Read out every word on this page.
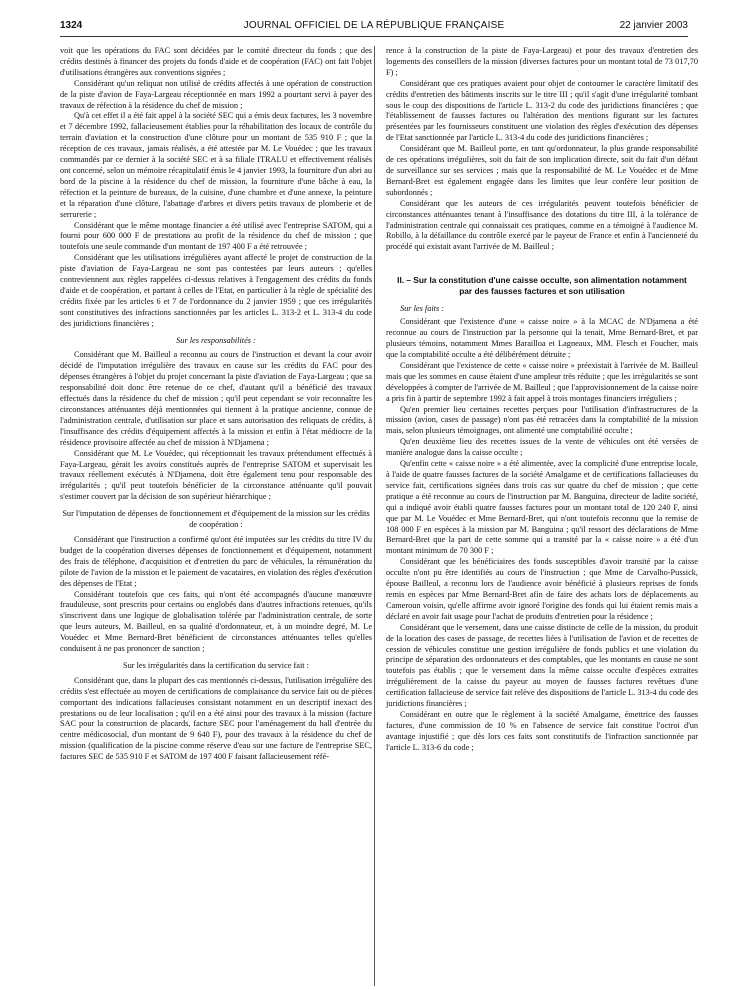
1324	JOURNAL OFFICIEL DE LA RÉPUBLIQUE FRANÇAISE	22 janvier 2003

voit que les opérations du FAC sont décidées par le comité directeur du fonds ; que des crédits destinés à financer des projets du fonds d'aide et de coopération (FAC) ont fait l'objet d'utilisations étrangères aux conventions signées ;

Considérant qu'un reliquat non utilisé de crédits affectés à une opération de construction de la piste d'avion de Faya-Largeau réceptionnée en mars 1992 a pourtant servi à payer des travaux de réfection à la résidence du chef de mission ;

Qu'à cet effet il a été fait appel à la société SEC qui a émis deux factures, les 3 novembre et 7 décembre 1992, fallacieusement établies pour la réhabilitation des locaux de contrôle du terrain d'aviation et la construction d'une clôture pour un montant de 535 910 F ; que la réception de ces travaux, jamais réalisés, a été attestée par M. Le Vouédec ; que les travaux commandés par ce dernier à la société SEC et à sa filiale ITRALU et effectivement réalisés ont concerné, selon un mémoire récapitulatif émis le 4 janvier 1993, la fourniture d'un abri au bord de la piscine à la résidence du chef de mission, la fourniture d'une bâche à eau, la réfection et la peinture de bureaux, de la cuisine, d'une chambre et d'une annexe, la peinture et la réparation d'une clôture, l'abattage d'arbres et divers petits travaux de plomberie et de serrurerie ;

Considérant que le même montage financier a été utilisé avec l'entreprise SATOM, qui a fourni pour 600 000 F de prestations au profit de la résidence du chef de mission ; que toutefois une seule commande d'un montant de 197 400 F a été retrouvée ;

Considérant que les utilisations irrégulières ayant affecté le projet de construction de la piste d'aviation de Faya-Largeau ne sont pas contestées par leurs auteurs ; qu'elles contreviennent aux règles rappelées ci-dessus relatives à l'engagement des crédits du fonds d'aide et de coopération, et partant à celles de l'Etat, en particulier à la règle de spécialité des crédits fixée par les articles 6 et 7 de l'ordonnance du 2 janvier 1959 ; que ces irrégularités sont constitutives des infractions sanctionnées par les articles L. 313-2 et L. 313-4 du code des juridictions financières ;

Sur les responsabilités :

Considérant que M. Bailleul a reconnu au cours de l'instruction et devant la cour avoir décidé de l'imputation irrégulière des travaux en cause sur les crédits du FAC pour des dépenses étrangères à l'objet du projet concernant la piste d'aviation de Faya-Largeau ; que sa responsabilité doit donc être retenue de ce chef, d'autant qu'il a bénéficié des travaux effectués dans la résidence du chef de mission ; qu'il peut cependant se voir reconnaître les circonstances atténuantes déjà mentionnées qui tiennent à la pratique ancienne, connue de l'administration centrale, d'utilisation sur place et sans autorisation des reliquats de crédits, à l'insuffisance des crédits d'équipement affectés à la mission et enfin à l'état médiocre de la résidence provisoire affectée au chef de mission à N'Djamena ;

Considérant que M. Le Vouédec, qui réceptionnait les travaux prétendument effectués à Faya-Largeau, gérait les avoirs constitués auprès de l'entreprise SATOM et supervisait les travaux réellement exécutés à N'Djamena, doit être également tenu pour responsable des irrégularités ; qu'il peut toutefois bénéficier de la circonstance atténuante qu'il pouvait s'estimer couvert par la décision de son supérieur hiérarchique ;

Sur l'imputation de dépenses de fonctionnement et d'équipement de la mission sur les crédits de coopération :

Considérant que l'instruction a confirmé qu'ont été imputées sur les crédits du titre IV du budget de la coopération diverses dépenses de fonctionnement et d'équipement, notamment des frais de téléphone, d'acquisition et d'entretien du parc de véhicules, la rémunération du pilote de l'avion de la mission et le paiement de vacataires, en violation des règles d'exécution des dépenses de l'Etat ;

Considérant toutefois que ces faits, qui n'ont été accompagnés d'aucune manœuvre frauduleuse, sont prescrits pour certains ou englobés dans d'autres infractions retenues, qu'ils s'inscrivent dans une logique de globalisation tolérée par l'administration centrale, de sorte que leurs auteurs, M. Bailleul, en sa qualité d'ordonnateur, et, à un moindre degré, M. Le Vouédec et Mme Bernard-Bret bénéficient de circonstances atténuantes telles qu'elles conduisent à ne pas prononcer de sanction ;

Sur les irrégularités dans la certification du service fait :

Considérant que, dans la plupart des cas mentionnés ci-dessus, l'utilisation irrégulière des crédits s'est effectuée au moyen de certifications de complaisance du service fait ou de pièces comportant des indications fallacieuses consistant notamment en un descriptif inexact des prestations ou de leur localisation ; qu'il en a été ainsi pour des travaux à la mission (facture SAC pour la construction de placards, facture SEC pour l'aménagement du hall d'entrée du centre médicosocial, d'un montant de 9 640 F), pour des travaux à la résidence du chef de mission (qualification de la piscine comme réserve d'eau sur une facture de l'entreprise SEC, factures SEC de 535 910 F et SATOM de 197 400 F faisant fallacieusement réfé-

rence à la construction de la piste de Faya-Largeau) et pour des travaux d'entretien des logements des conseillers de la mission (diverses factures pour un montant total de 73 017,70 F) ;

Considérant que ces pratiques avaient pour objet de contourner le caractère limitatif des crédits d'entretien des bâtiments inscrits sur le titre III ; qu'il s'agit d'une irrégularité tombant sous le coup des dispositions de l'article L. 313-2 du code des juridictions financières ; que l'établissement de fausses factures ou l'altération des mentions figurant sur les factures présentées par les fournisseurs constituent une violation des règles d'exécution des dépenses de l'Etat sanctionnée par l'article L. 313-4 du code des juridictions financières ;

Considérant que M. Bailleul porte, en tant qu'ordonnateur, la plus grande responsabilité de ces opérations irrégulières, soit du fait de son implication directe, soit du fait d'un défaut de surveillance sur ses services ; mais que la responsabilité de M. Le Vouédec et de Mme Bernard-Bret est également engagée dans les limites que leur confère leur position de subordonnés ;

Considérant que les auteurs de ces irrégularités peuvent toutefois bénéficier de circonstances atténuantes tenant à l'insuffisance des dotations du titre III, à la tolérance de l'administration centrale qui connaissait ces pratiques, comme en a témoigné à l'audience M. Robillo, à la défaillance du contrôle exercé par le payeur de France et enfin à l'ancienneté du procédé qui existait avant l'arrivée de M. Bailleul ;

II. – Sur la constitution d'une caisse occulte, son alimentation notamment par des fausses factures et son utilisation

Sur les faits :

Considérant que l'existence d'une « caisse noire » à la MCAC de N'Djamena a été reconnue au cours de l'instruction par la personne qui la tenait, Mme Bernard-Bret, et par plusieurs témoins, notamment Mmes Barailloa et Lagneaux, MM. Flesch et Foucher, mais que la comptabilité occulte a été délibérément détruite ;

Considérant que l'existence de cette « caisse noire » préexistait à l'arrivée de M. Bailleul mais que les sommes en cause étaient d'une ampleur très réduite ; que les irrégularités se sont développées à compter de l'arrivée de M. Bailleul ; que l'approvisionnement de la caisse noire a pris fin à partir de septembre 1992 à fait appel à trois montages financiers irréguliers ;

Qu'en premier lieu certaines recettes perçues pour l'utilisation d'infrastructures de la mission (avion, cases de passage) n'ont pas été retracées dans la comptabilité de la mission mais, selon plusieurs témoignages, ont alimenté une comptabilité occulte ;

Qu'en deuxième lieu des recettes issues de la vente de véhicules ont été versées de manière analogue dans la caisse occulte ;

Qu'enfin cette « caisse noire » a été alimentée, avec la complicité d'une entreprise locale, à l'aide de quatre fausses factures de la société Amalgame et de certifications fallacieuses du service fait, certifications signées dans trois cas sur quatre du chef de mission ; que cette pratique a été reconnue au cours de l'instruction par M. Banguina, directeur de ladite société, qui a indiqué avoir établi quatre fausses factures pour un montant total de 120 240 F, ainsi que par M. Le Vouédec et Mme Bernard-Bret, qui n'ont toutefois reconnu que la remise de 108 000 F en espèces à la mission par M. Banguina ; qu'il ressort des déclarations de Mme Bernard-Bret que la part de cette somme qui a transité par la « caisse noire » a été d'un montant minimum de 70 300 F ;

Considérant que les bénéficiaires des fonds susceptibles d'avoir transité par la caisse occulte n'ont pu être identifiés au cours de l'instruction ; que Mme de Carvalho-Pussick, épouse Bailleul, a reconnu lors de l'audience avoir bénéficié à plusieurs reprises de fonds remis en espèces par Mme Bernard-Bret afin de faire des achats lors de déplacements au Cameroun voisin, qu'elle affirme avoir ignoré l'origine des fonds qui lui étaient remis mais a déclaré en avoir fait usage pour l'achat de produits d'entretien pour la résidence ;

Considérant que le versement, dans une caisse distincte de celle de la mission, du produit de la location des cases de passage, de recettes liées à l'utilisation de l'avion et de recettes de cession de véhicules constitue une gestion irrégulière de fonds publics et une violation du principe de séparation des ordonnateurs et des comptables, que les montants en cause ne sont toutefois pas établis ; que le versement dans la même caisse occulte d'espèces extraites irrégulièrement de la caisse du payeur au moyen de fausses factures revêtues d'une certification fallacieuse de service fait relève des dispositions de l'article L. 313-4 du code des juridictions financières ;

Considérant en outre que le règlement à la société Amalgame, émettrice des fausses factures, d'une commission de 10 % en l'absence de service fait constitue l'octroi d'un avantage injustifié ; que dès lors ces faits sont constitutifs de l'infraction sanctionnée par l'article L. 313-6 du code ;
